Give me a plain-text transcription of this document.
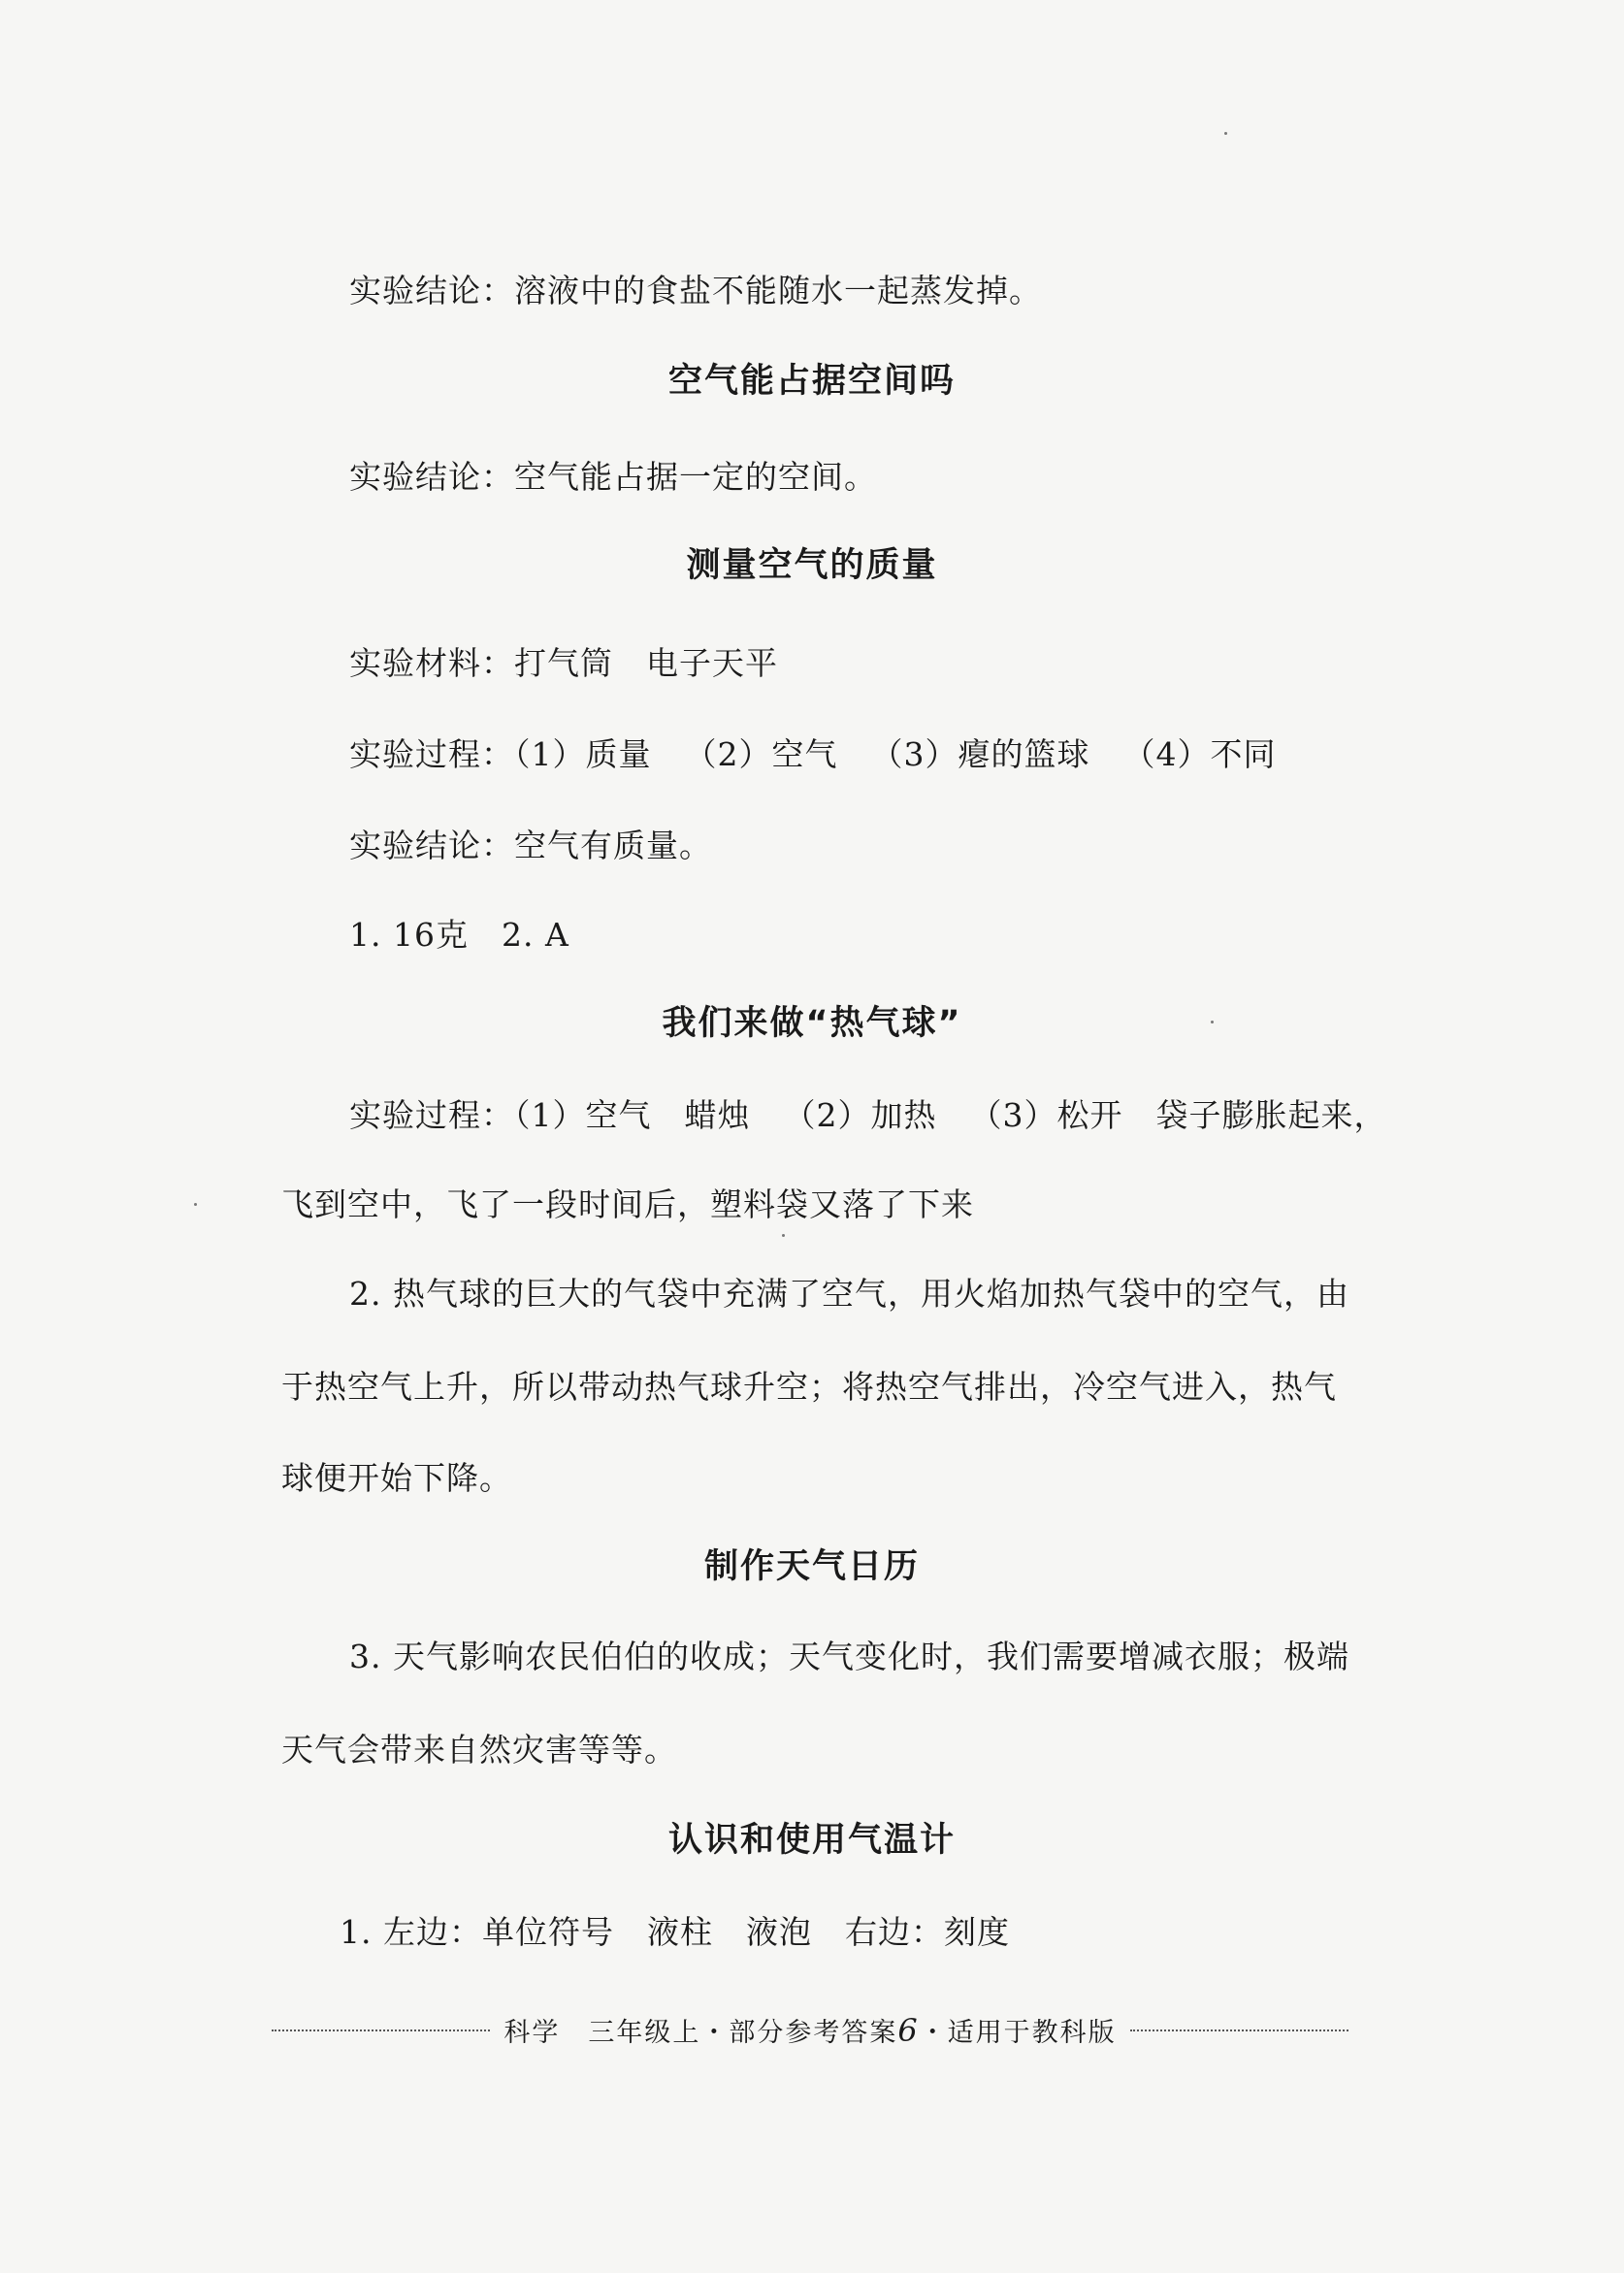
实验结论：溶液中的食盐不能随水一起蒸发掉。
空气能占据空间吗
实验结论：空气能占据一定的空间。
测量空气的质量
实验材料：打气筒　电子天平
实验过程：（1）质量 （2）空气 （3）瘪的篮球 （4）不同
实验结论：空气有质量。
1. 16克 2. A
我们来做“热气球”
实验过程：（1）空气　蜡烛 （2）加热 （3）松开　袋子膨胀起来，
飞到空中，飞了一段时间后，塑料袋又落了下来
2. 热气球的巨大的气袋中充满了空气，用火焰加热气袋中的空气，由
于热空气上升，所以带动热气球升空；将热空气排出，冷空气进入，热气
球便开始下降。
制作天气日历
3. 天气影响农民伯伯的收成；天气变化时，我们需要增减衣服；极端
天气会带来自然灾害等等。
认识和使用气温计
1. 左边：单位符号　液柱　液泡　右边：刻度
科学　三年级上・部分参考答案6・适用于教科版
